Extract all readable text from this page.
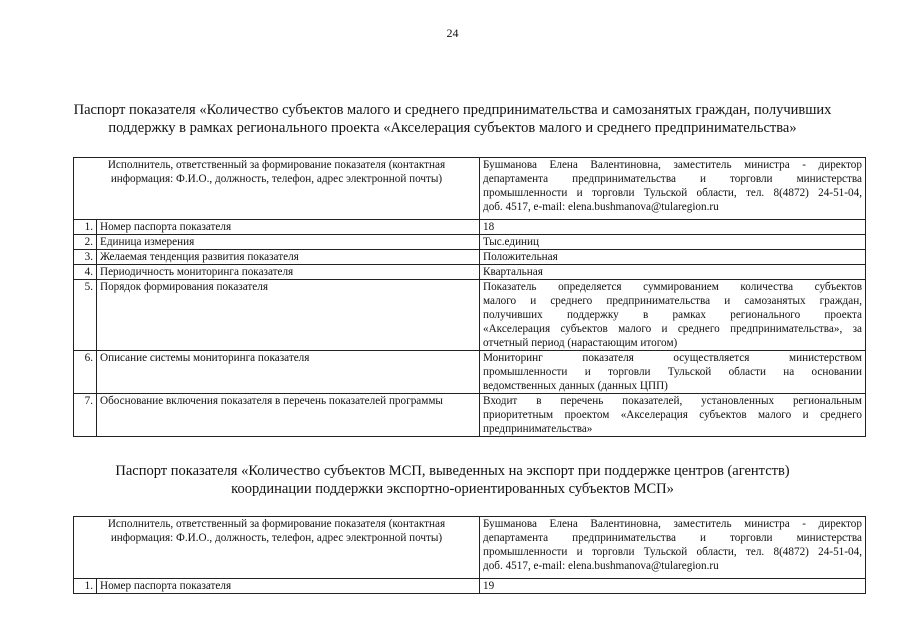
24
Паспорт показателя «Количество субъектов малого и среднего предпринимательства и самозанятых граждан, получивших
поддержку в рамках регионального проекта «Акселерация субъектов малого и среднего предпринимательства»
Исполнитель, ответственный за формирование показателя (контактная информация: Ф.И.О., должность, телефон, адрес электронной почты)		Бушманова Елена Валентиновна, заместитель министра - директор
департамента предпринимательства и торговли министерства
промышленности и торговли Тульской области, тел. 8(4872) 24-51-04,
доб. 4517, e-mail: elena.bushmanova@tularegion.ru

1.	Номер паспорта показателя	18

2.	Единица измерения	Тыс.единиц

3.	Желаемая тенденция развития показателя	Положительная

4.	Периодичность мониторинга показателя	Квартальная

5.	Порядок формирования показателя	Показатель определяется суммированием количества субъектов
малого и среднего предпринимательства и самозанятых граждан,
получивших поддержку в рамках регионального проекта
«Акселерация субъектов малого и среднего предпринимательства», за
отчетный период (нарастающим итогом)

6.	Описание системы мониторинга показателя	Мониторинг показателя осуществляется министерством
промышленности и торговли Тульской области на основании
ведомственных данных (данных ЦПП)

7.	Обоснование включения показателя в перечень показателей программы	Входит в перечень показателей, установленных региональным
приоритетным проектом «Акселерация субъектов малого и среднего
предпринимательства»
Паспорт показателя «Количество субъектов МСП, выведенных на экспорт при поддержке центров (агентств)
координации поддержки экспортно-ориентированных субъектов МСП»
Исполнитель, ответственный за формирование показателя (контактная информация: Ф.И.О., должность, телефон, адрес электронной почты)		Бушманова Елена Валентиновна, заместитель министра - директор
департамента предпринимательства и торговли министерства
промышленности и торговли Тульской области, тел. 8(4872) 24-51-04,
доб. 4517, e-mail: elena.bushmanova@tularegion.ru

1.	Номер паспорта показателя	19
